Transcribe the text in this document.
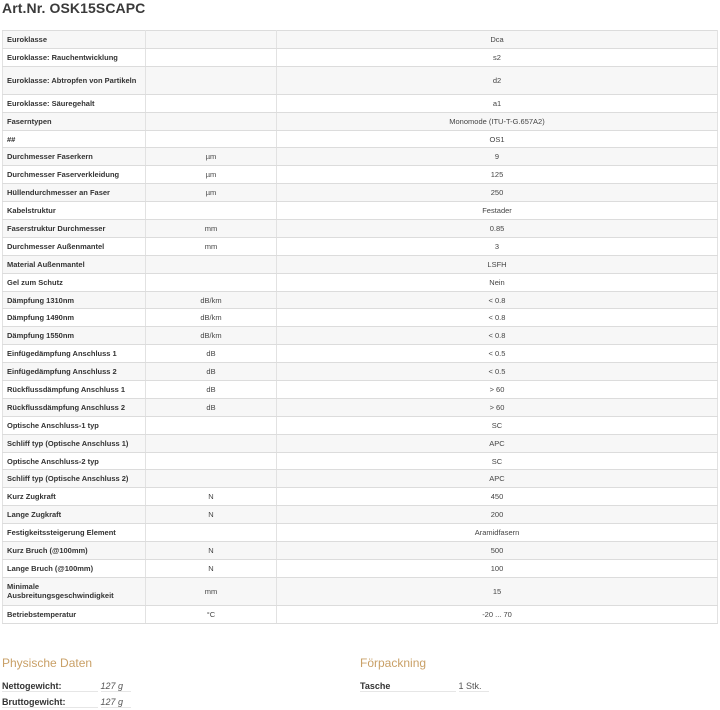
Art.Nr. OSK15SCAPC
Euroklasse		Dca
Euroklasse: Rauchentwicklung		s2
Euroklasse: Abtropfen von Partikeln		d2
Euroklasse: Säuregehalt		a1
Faserntypen		Monomode (ITU-T-G.657A2)
##		OS1
Durchmesser Faserkern	µm	9
Durchmesser Faserverkleidung	µm	125
Hüllendurchmesser an Faser	µm	250
Kabelstruktur		Festader
Faserstruktur Durchmesser	mm	0.85
Durchmesser Außenmantel	mm	3
Material Außenmantel		LSFH
Gel zum Schutz		Nein
Dämpfung 1310nm	dB/km	< 0.8
Dämpfung 1490nm	dB/km	< 0.8
Dämpfung 1550nm	dB/km	< 0.8
Einfügedämpfung Anschluss 1	dB	< 0.5
Einfügedämpfung Anschluss 2	dB	< 0.5
Rückflussdämpfung Anschluss 1	dB	> 60
Rückflussdämpfung Anschluss 2	dB	> 60
Optische Anschluss-1 typ		SC
Schliff typ (Optische Anschluss 1)		APC
Optische Anschluss-2 typ		SC
Schliff typ (Optische Anschluss 2)		APC
Kurz Zugkraft	N	450
Lange Zugkraft	N	200
Festigkeitssteigerung Element		Aramidfasern
Kurz Bruch (@100mm)	N	500
Lange Bruch (@100mm)	N	100
Minimale Ausbreitungsgeschwindigkeit	mm	15
Betriebstemperatur	°C	-20 ... 70
Physische Daten
Nettogewicht:	127 g
Bruttogewicht:	127 g
Förpackning
Tasche	1 Stk.
